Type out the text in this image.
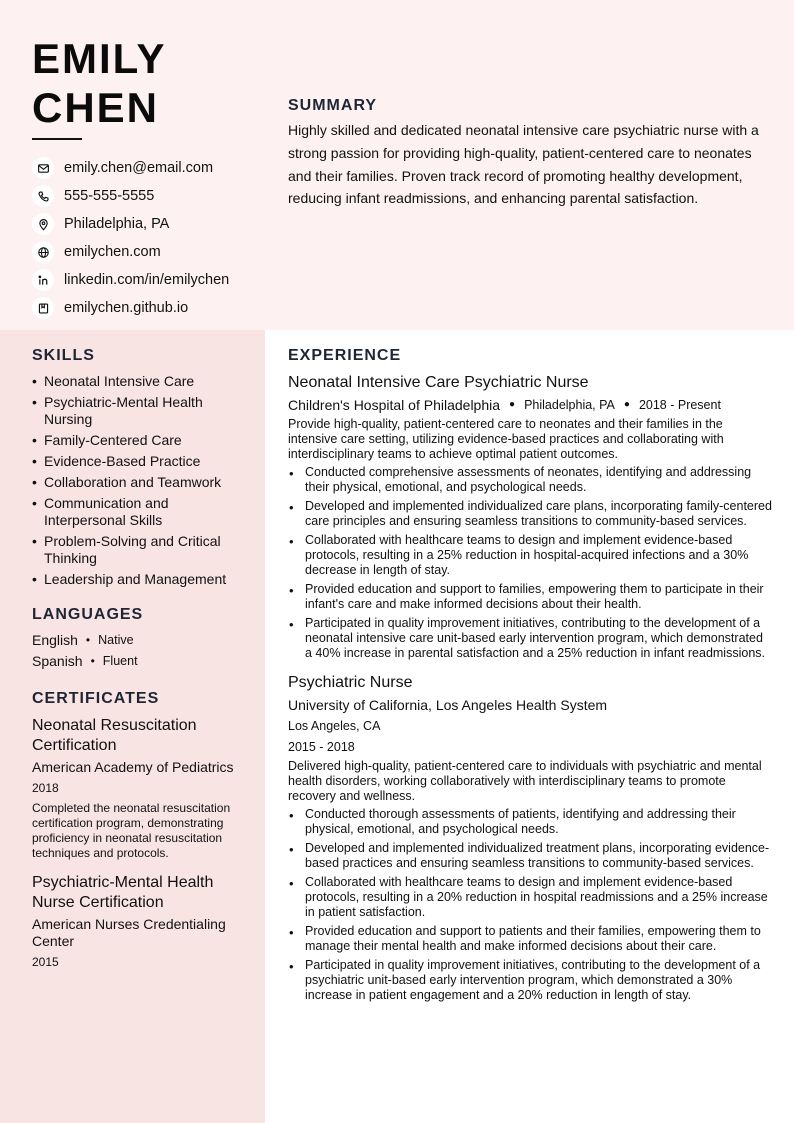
EMILY
CHEN
emily.chen@email.com
555-555-5555
Philadelphia, PA
emilychen.com
linkedin.com/in/emilychen
emilychen.github.io
SUMMARY

Highly skilled and dedicated neonatal intensive care psychiatric nurse with a strong passion for providing high-quality, patient-centered care to neonates and their families. Proven track record of promoting healthy development, reducing infant readmissions, and enhancing parental satisfaction.

SKILLS
• Neonatal Intensive Care
• Psychiatric-Mental Health Nursing
• Family-Centered Care
• Evidence-Based Practice
• Collaboration and Teamwork
• Communication and Interpersonal Skills
• Problem-Solving and Critical Thinking
• Leadership and Management
LANGUAGES
English • Native
Spanish • Fluent
CERTIFICATES
Neonatal Resuscitation Certification
American Academy of Pediatrics
2018
Completed the neonatal resuscitation certification program, demonstrating proficiency in neonatal resuscitation techniques and protocols.
Psychiatric-Mental Health Nurse Certification
American Nurses Credentialing Center
2015
EXPERIENCE
Neonatal Intensive Care Psychiatric Nurse
Children's Hospital of Philadelphia ● Philadelphia, PA ● 2018 - Present
Provide high-quality, patient-centered care to neonates and their families in the intensive care setting, utilizing evidence-based practices and collaborating with interdisciplinary teams to achieve optimal patient outcomes.
• Conducted comprehensive assessments of neonates, identifying and addressing their physical, emotional, and psychological needs.
• Developed and implemented individualized care plans, incorporating family-centered care principles and ensuring seamless transitions to community-based services.
• Collaborated with healthcare teams to design and implement evidence-based protocols, resulting in a 25% reduction in hospital-acquired infections and a 30% decrease in length of stay.
• Provided education and support to families, empowering them to participate in their infant's care and make informed decisions about their health.
• Participated in quality improvement initiatives, contributing to the development of a neonatal intensive care unit-based early intervention program, which demonstrated a 40% increase in parental satisfaction and a 25% reduction in infant readmissions.
Psychiatric Nurse
University of California, Los Angeles Health System
Los Angeles, CA
2015 - 2018
Delivered high-quality, patient-centered care to individuals with psychiatric and mental health disorders, working collaboratively with interdisciplinary teams to promote recovery and wellness.
• Conducted thorough assessments of patients, identifying and addressing their physical, emotional, and psychological needs.
• Developed and implemented individualized treatment plans, incorporating evidence-based practices and ensuring seamless transitions to community-based services.
• Collaborated with healthcare teams to design and implement evidence-based protocols, resulting in a 20% reduction in hospital readmissions and a 25% increase in patient satisfaction.
• Provided education and support to patients and their families, empowering them to manage their mental health and make informed decisions about their care.
• Participated in quality improvement initiatives, contributing to the development of a psychiatric unit-based early intervention program, which demonstrated a 30% increase in patient engagement and a 20% reduction in length of stay.
